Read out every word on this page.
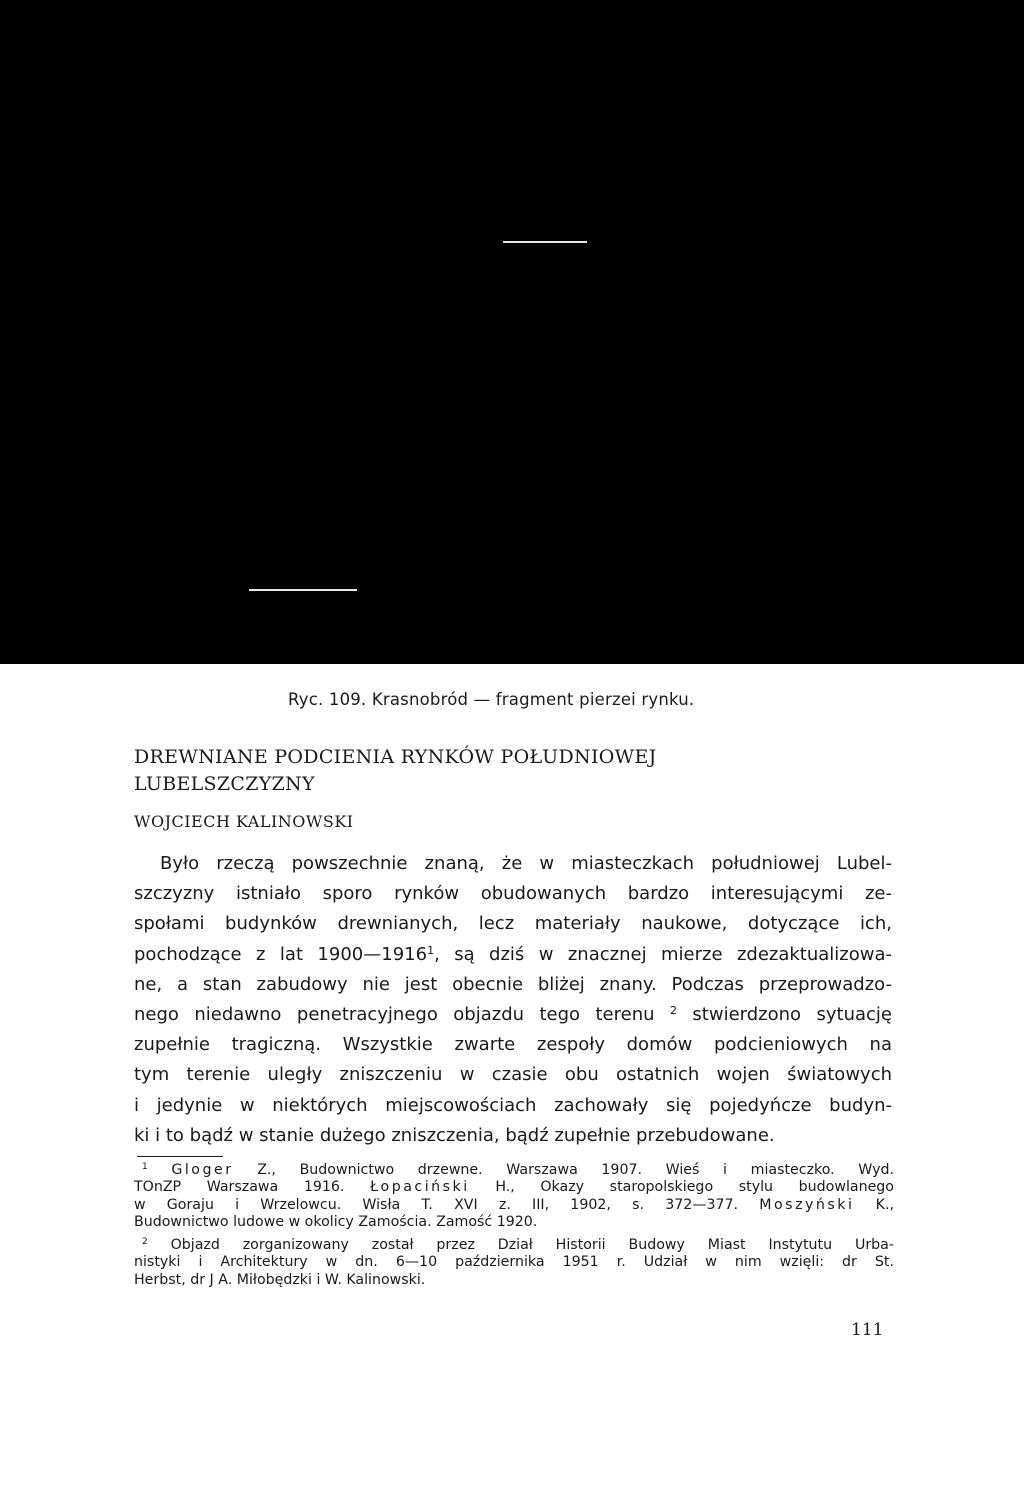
Ryc. 109. Krasnobród — fragment pierzei rynku.
DREWNIANE PODCIENIA RYNKÓW POŁUDNIOWEJ
LUBELSZCZYZNY
WOJCIECH KALINOWSKI
Było rzeczą powszechnie znaną, że w miasteczkach południowej Lubel-
szczyzny istniało sporo rynków obudowanych bardzo interesującymi ze-
społami budynków drewnianych, lecz materiały naukowe, dotyczące ich,
pochodzące z lat 1900—1916$^1$, są dziś w znacznej mierze zdezaktualizowa-
ne, a stan zabudowy nie jest obecnie bliżej znany. Podczas przeprowadzo-
nego niedawno penetracyjnego objazdu tego terenu $^2$ stwierdzono sytuację
zupełnie tragiczną. Wszystkie zwarte zespoły domów podcieniowych na
tym terenie uległy zniszczeniu w czasie obu ostatnich wojen światowych
i jedynie w niektórych miejscowościach zachowały się pojedyńcze budyn-
ki i to bądź w stanie dużego zniszczenia, bądź zupełnie przebudowane.
$^1$ Gloger Z., Budownictwo drzewne. Warszawa 1907. Wieś i miasteczko. Wyd.
TOnZP Warszawa 1916. Łopaciński H., Okazy staropolskiego stylu budowlanego
w Goraju i Wrzelowcu. Wisła T. XVI z. III, 1902, s. 372—377. Moszyński K.,
Budownictwo ludowe w okolicy Zamościa. Zamość 1920.
$^2$ Objazd zorganizowany został przez Dział Historii Budowy Miast Instytutu Urba-
nistyki i Architektury w dn. 6—10 października 1951 r. Udział w nim wzięli: dr St.
Herbst, dr J A. Miłobędzki i W. Kalinowski.
111
